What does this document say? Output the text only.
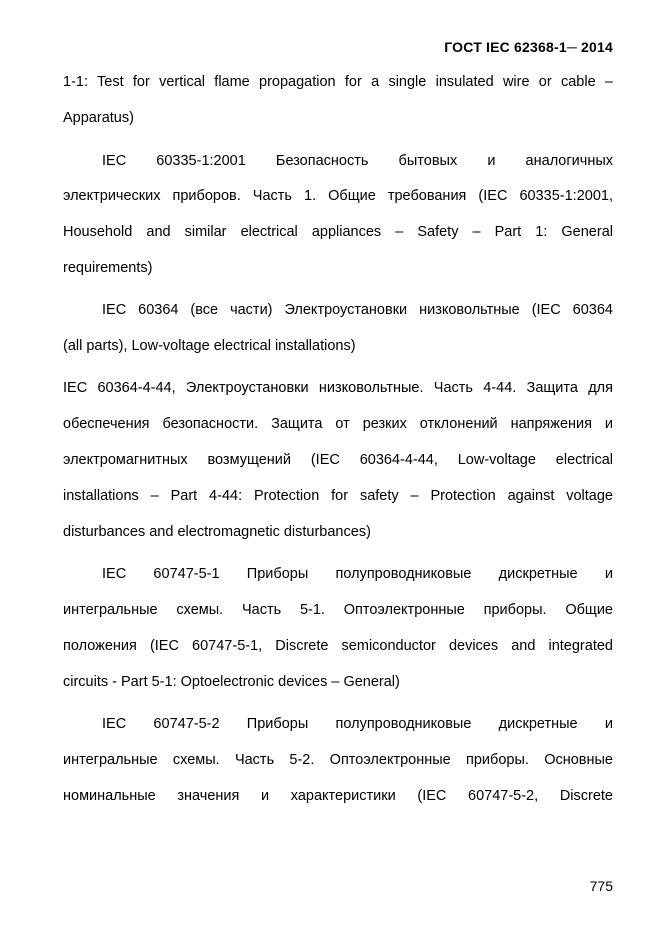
ГОСТ IEC 62368-1─ 2014
1-1: Test for vertical flame propagation for a single insulated wire or cable –
Apparatus)
IEC 60335-1:2001 Безопасность бытовых и аналогичных
электрических приборов. Часть 1. Общие требования (IEC 60335-1:2001,
Household and similar electrical appliances – Safety – Part 1: General
requirements)
IEC 60364 (все части) Электроустановки низковольтные (IEC 60364
(all parts), Low-voltage electrical installations)
IEC 60364-4-44, Электроустановки низковольтные. Часть 4-44. Защита для
обеспечения безопасности. Защита от резких отклонений напряжения и
электромагнитных возмущений (IEC 60364-4-44, Low-voltage electrical
installations – Part 4-44: Protection for safety – Protection against voltage
disturbances and electromagnetic disturbances)
IEC 60747-5-1 Приборы полупроводниковые дискретные и
интегральные схемы. Часть 5-1. Оптоэлектронные приборы. Общие
положения (IEC 60747-5-1, Discrete semiconductor devices and integrated
circuits - Part 5-1: Optoelectronic devices – General)
IEC 60747-5-2 Приборы полупроводниковые дискретные и
интегральные схемы. Часть 5-2. Оптоэлектронные приборы. Основные
номинальные значения и характеристики (IEC 60747-5-2, Discrete
775
